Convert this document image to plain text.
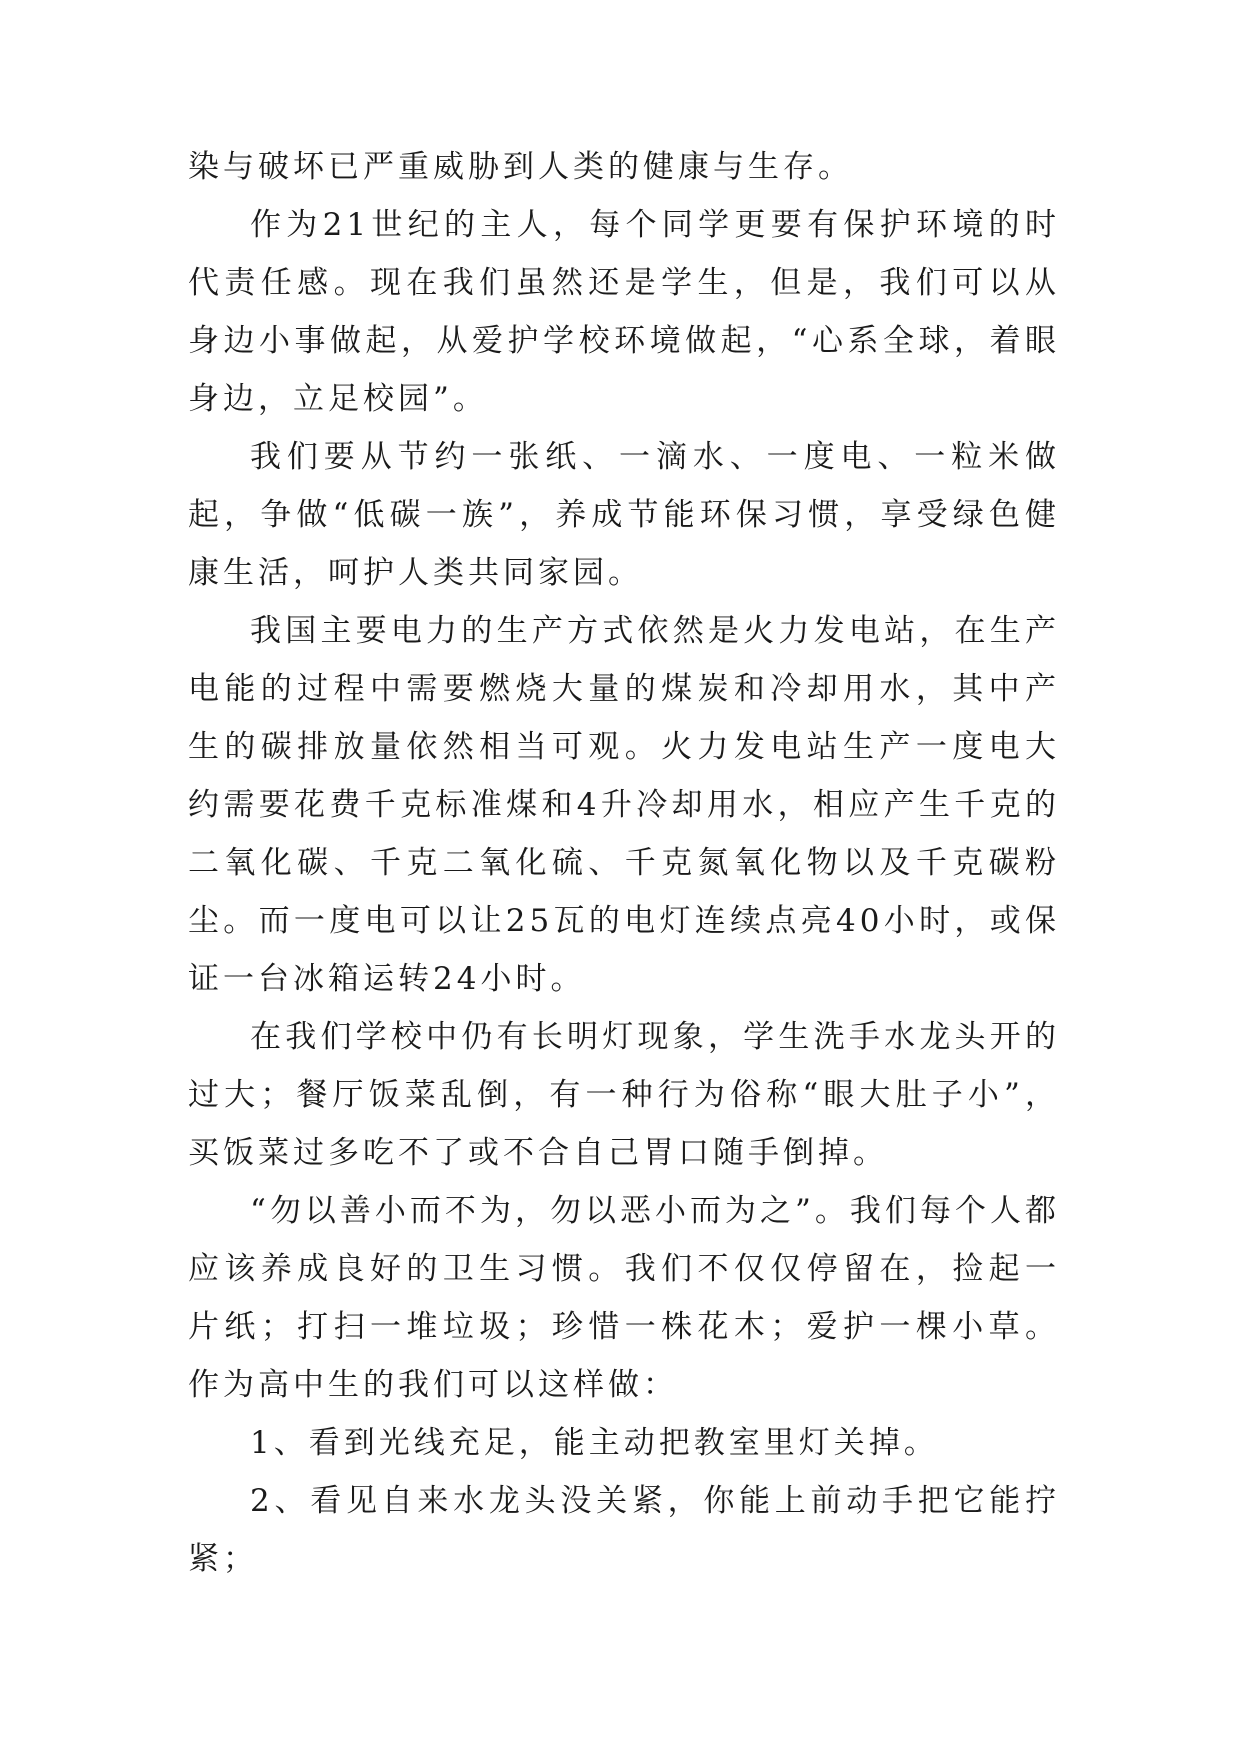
染与破坏已严重威胁到人类的健康与生存。

作为21世纪的主人，每个同学更要有保护环境的时代责任感。现在我们虽然还是学生，但是，我们可以从身边小事做起，从爱护学校环境做起，“心系全球，着眼身边，立足校园”。

我们要从节约一张纸、一滴水、一度电、一粒米做起，争做“低碳一族”，养成节能环保习惯，享受绿色健康生活，呵护人类共同家园。

我国主要电力的生产方式依然是火力发电站，在生产电能的过程中需要燃烧大量的煤炭和冷却用水，其中产生的碳排放量依然相当可观。火力发电站生产一度电大约需要花费千克标准煤和4升冷却用水，相应产生千克的二氧化碳、千克二氧化硫、千克氮氧化物以及千克碳粉尘。而一度电可以让25瓦的电灯连续点亮40小时，或保证一台冰箱运转24小时。

在我们学校中仍有长明灯现象，学生洗手水龙头开的过大；餐厅饭菜乱倒，有一种行为俗称“眼大肚子小”，买饭菜过多吃不了或不合自己胃口随手倒掉。

“勿以善小而不为，勿以恶小而为之”。我们每个人都应该养成良好的卫生习惯。我们不仅仅停留在，捡起一片纸；打扫一堆垃圾；珍惜一株花木；爱护一棵小草。作为高中生的我们可以这样做：

1、看到光线充足，能主动把教室里灯关掉。

2、看见自来水龙头没关紧，你能上前动手把它能拧紧；
